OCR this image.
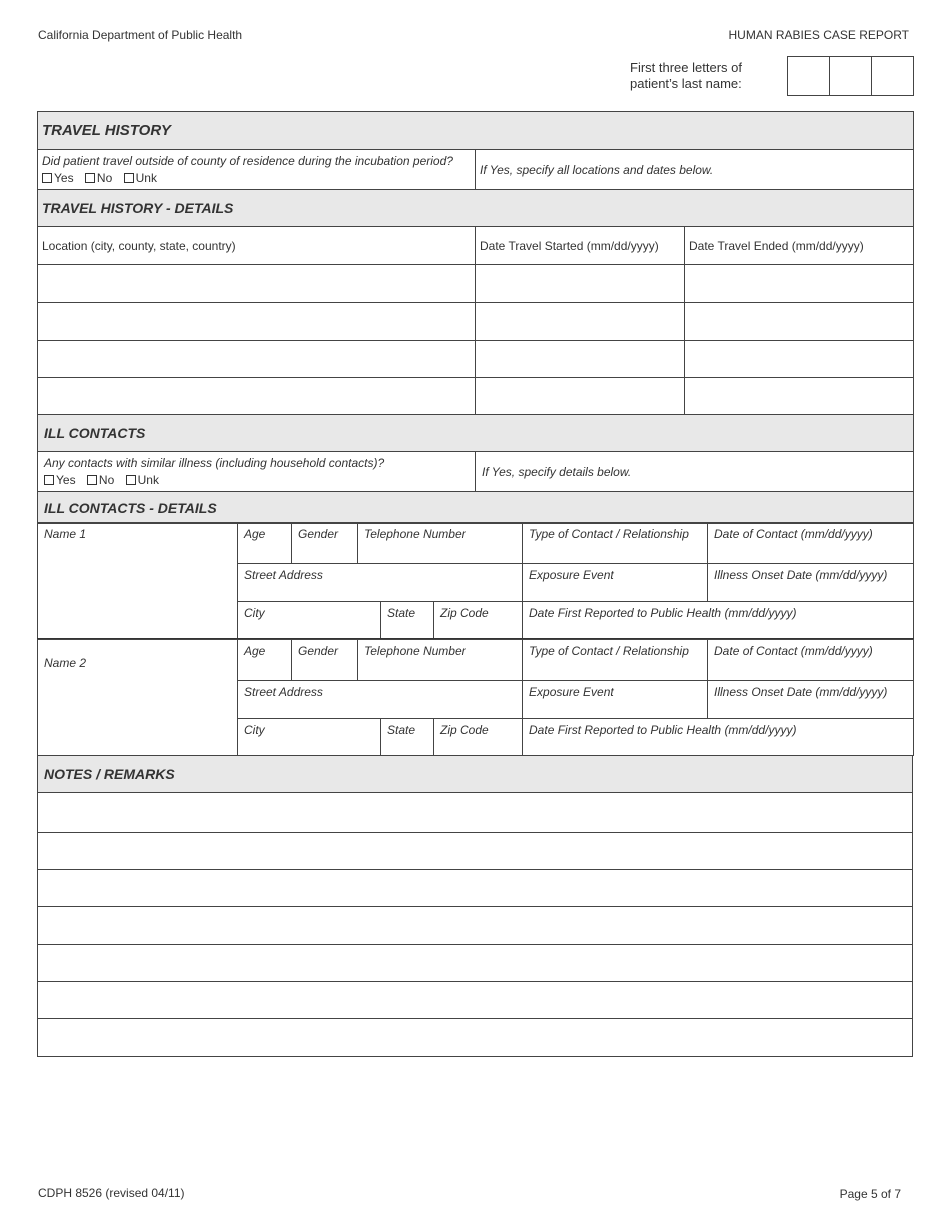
California Department of Public Health	HUMAN RABIES CASE REPORT
First three letters of
patient’s last name:
TRAVEL HISTORY		

Did patient travel outside of county of residence during the incubation period?
Yes No Unk	If Yes, specify all locations and dates below.	
TRAVEL HISTORY - DETAILS		
Location (city, county, state, country)	Date Travel Started (mm/dd/yyyy)	Date Travel Ended (mm/dd/yyyy)

ILL CONTACTS		

Any contacts with similar illness (including household contacts)?
Yes No Unk	If Yes, specify details below.	
ILL CONTACTS - DETAILS		
Name 1	Age	Gender	Telephone Number			Type of Contact / Relationship	Date of Contact (mm/dd/yyyy)
	Street Address					Exposure Event	Illness Onset Date (mm/dd/yyyy)
	City			State	Zip Code	Date First Reported to Public Health (mm/dd/yyyy)	
Name 2	Age	Gender	Telephone Number			Type of Contact / Relationship	Date of Contact (mm/dd/yyyy)
	Street Address					Exposure Event	Illness Onset Date (mm/dd/yyyy)
	City			State	Zip Code	Date First Reported to Public Health (mm/dd/yyyy)	
NOTES / REMARKS

CDPH 8526 (revised 04/11)	Page 5 of 7
